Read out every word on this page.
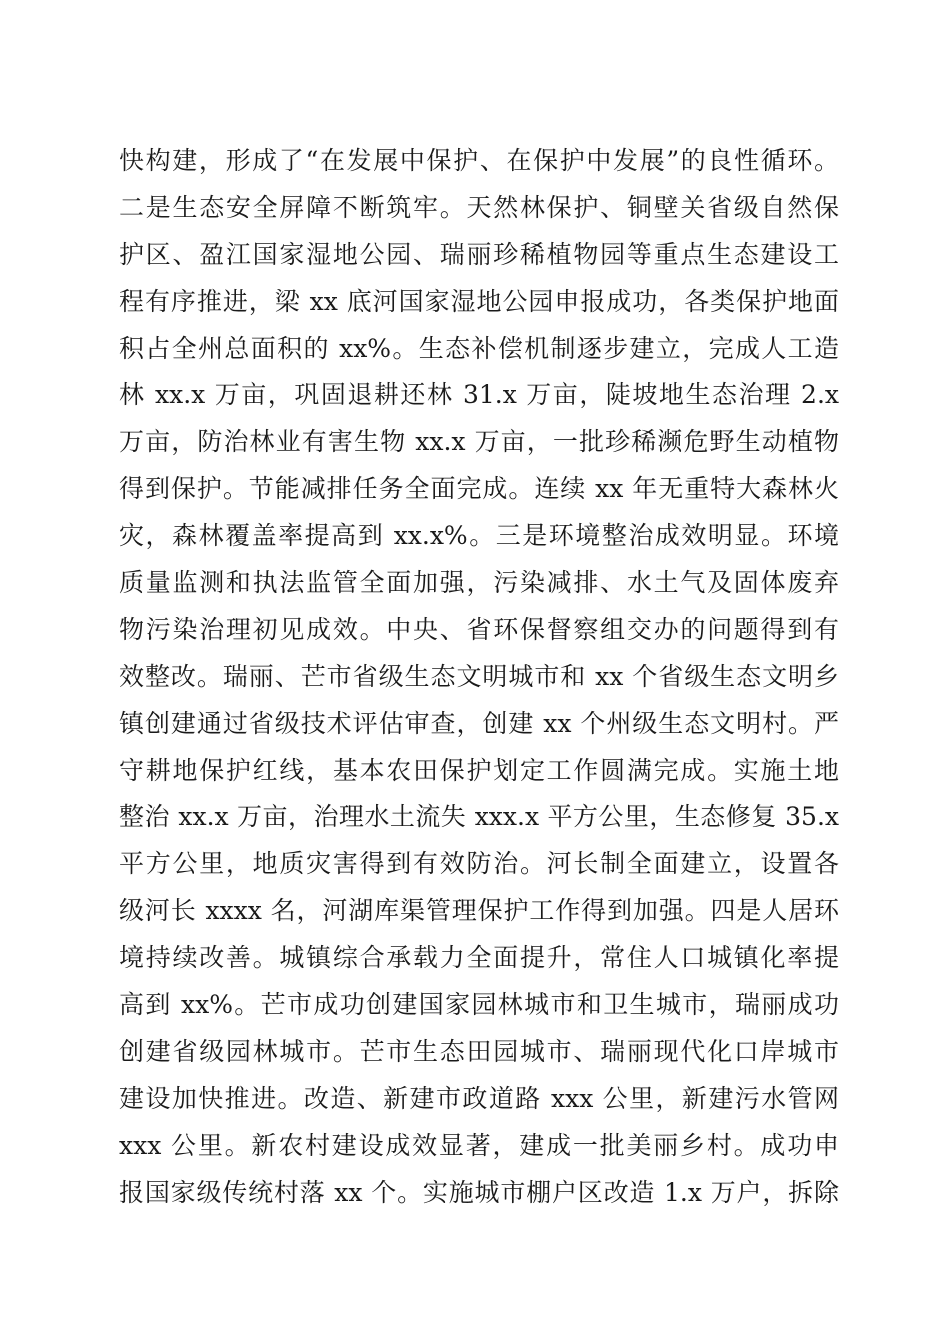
快构建，形成了“在发展中保护、在保护中发展”的良性循环。
二是生态安全屏障不断筑牢。天然林保护、铜壁关省级自然保
护区、盈江国家湿地公园、瑞丽珍稀植物园等重点生态建设工
程有序推进，梁 xx 底河国家湿地公园申报成功，各类保护地面
积占全州总面积的 xx%。生态补偿机制逐步建立，完成人工造
林 xx.x 万亩，巩固退耕还林 31.x 万亩，陡坡地生态治理 2.x
万亩，防治林业有害生物 xx.x 万亩，一批珍稀濒危野生动植物
得到保护。节能减排任务全面完成。连续 xx 年无重特大森林火
灾，森林覆盖率提高到 xx.x%。三是环境整治成效明显。环境
质量监测和执法监管全面加强，污染减排、水土气及固体废弃
物污染治理初见成效。中央、省环保督察组交办的问题得到有
效整改。瑞丽、芒市省级生态文明城市和 xx 个省级生态文明乡
镇创建通过省级技术评估审查，创建 xx 个州级生态文明村。严
守耕地保护红线，基本农田保护划定工作圆满完成。实施土地
整治 xx.x 万亩，治理水土流失 xxx.x 平方公里，生态修复 35.x
平方公里，地质灾害得到有效防治。河长制全面建立，设置各
级河长 xxxx 名，河湖库渠管理保护工作得到加强。四是人居环
境持续改善。城镇综合承载力全面提升，常住人口城镇化率提
高到 xx%。芒市成功创建国家园林城市和卫生城市，瑞丽成功
创建省级园林城市。芒市生态田园城市、瑞丽现代化口岸城市
建设加快推进。改造、新建市政道路 xxx 公里，新建污水管网
xxx 公里。新农村建设成效显著，建成一批美丽乡村。成功申
报国家级传统村落 xx 个。实施城市棚户区改造 1.x 万户，拆除
